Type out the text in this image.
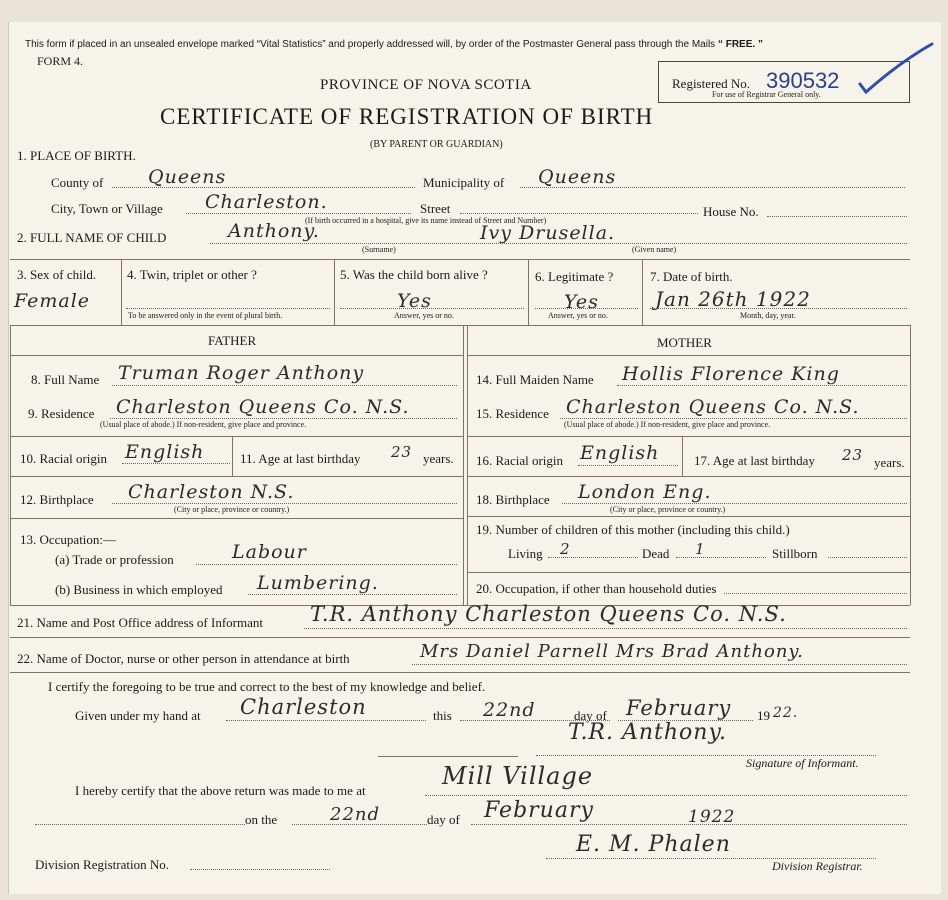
This form if placed in an unsealed envelope marked “Vital Statistics” and properly addressed will, by order of the Postmaster General pass through the Mails “ FREE. ”
FORM 4.
Registered No. 390532
For use of Registrar General only.
PROVINCE OF NOVA SCOTIA
CERTIFICATE OF REGISTRATION OF BIRTH
(BY PARENT OR GUARDIAN)
1. PLACE OF BIRTH.
County of Queens	Municipality of Queens
City, Town or Village Charleston.	Street	House No.
(If birth occurred in a hospital, give its name instead of Street and Number)
2. FULL NAME OF CHILD	Anthony.	Ivy Drusella.
(Surname)	(Given name)
3. Sex of child.
Female
4. Twin, triplet or other ?
To be answered only in the event of plural birth.
5. Was the child born alive ?
Yes
Answer, yes or no.
6. Legitimate ?
Yes
Answer, yes or no.
7. Date of birth.
Jan 26th 1922
Month, day, year.
FATHER	MOTHER
8. Full Name Truman Roger Anthony
9. Residence Charleston Queens Co. N.S.
(Usual place of abode.) If non-resident, give place and province.
10. Racial origin English	11. Age at last birthday 23 years.
12. Birthplace Charleston N.S.
(City or place, province or country.)
13. Occupation:—
(a) Trade or profession	Labour
(b) Business in which employed Lumbering.
14. Full Maiden Name Hollis Florence King
15. Residence Charleston Queens Co. N.S.
(Usual place of abode.) If non-resident, give place and province.
16. Racial origin English	17. Age at last birthday 23 years.
18. Birthplace London Eng.
(City or place, province or country.)
19. Number of children of this mother (including this child.)
Living 2	Dead 1	Stillborn
20. Occupation, if other than household duties
21. Name and Post Office address of Informant T.R. Anthony Charleston Queens Co. N.S.
22. Name of Doctor, nurse or other person in attendance at birth	Mrs Daniel Parnell Mrs Brad Anthony.
I certify the foregoing to be true and correct to the best of my knowledge and belief.
Given under my hand at Charleston	this 22nd	day of February 19 22.
T.R. Anthony.
Signature of Informant.
I hereby certify that the above return was made to me at
Mill Village
on the	22nd	day of February	1922
E. M. Phalen
Division Registration No.	Division Registrar.
